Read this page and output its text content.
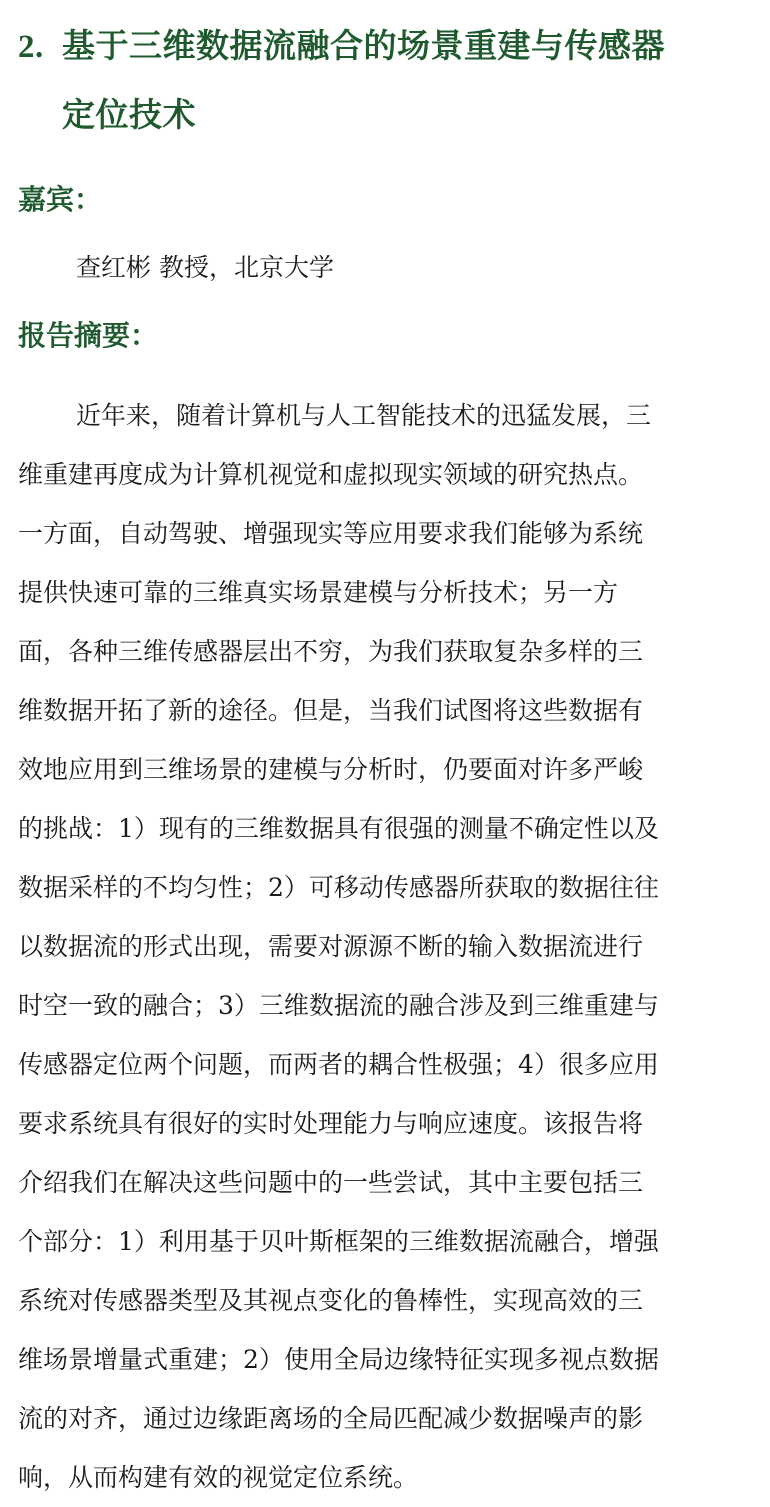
2. 基于三维数据流融合的场景重建与传感器
定位技术
嘉宾：
查红彬 教授，北京大学
报告摘要：
近年来，随着计算机与人工智能技术的迅猛发展，三
维重建再度成为计算机视觉和虚拟现实领域的研究热点。
一方面，自动驾驶、增强现实等应用要求我们能够为系统
提供快速可靠的三维真实场景建模与分析技术；另一方
面，各种三维传感器层出不穷，为我们获取复杂多样的三
维数据开拓了新的途径。但是，当我们试图将这些数据有
效地应用到三维场景的建模与分析时，仍要面对许多严峻
的挑战：1）现有的三维数据具有很强的测量不确定性以及
数据采样的不均匀性；2）可移动传感器所获取的数据往往
以数据流的形式出现，需要对源源不断的输入数据流进行
时空一致的融合；3）三维数据流的融合涉及到三维重建与
传感器定位两个问题，而两者的耦合性极强；4）很多应用
要求系统具有很好的实时处理能力与响应速度。该报告将
介绍我们在解决这些问题中的一些尝试，其中主要包括三
个部分：1）利用基于贝叶斯框架的三维数据流融合，增强
系统对传感器类型及其视点变化的鲁棒性，实现高效的三
维场景增量式重建；2）使用全局边缘特征实现多视点数据
流的对齐，通过边缘距离场的全局匹配减少数据噪声的影
响，从而构建有效的视觉定位系统。
